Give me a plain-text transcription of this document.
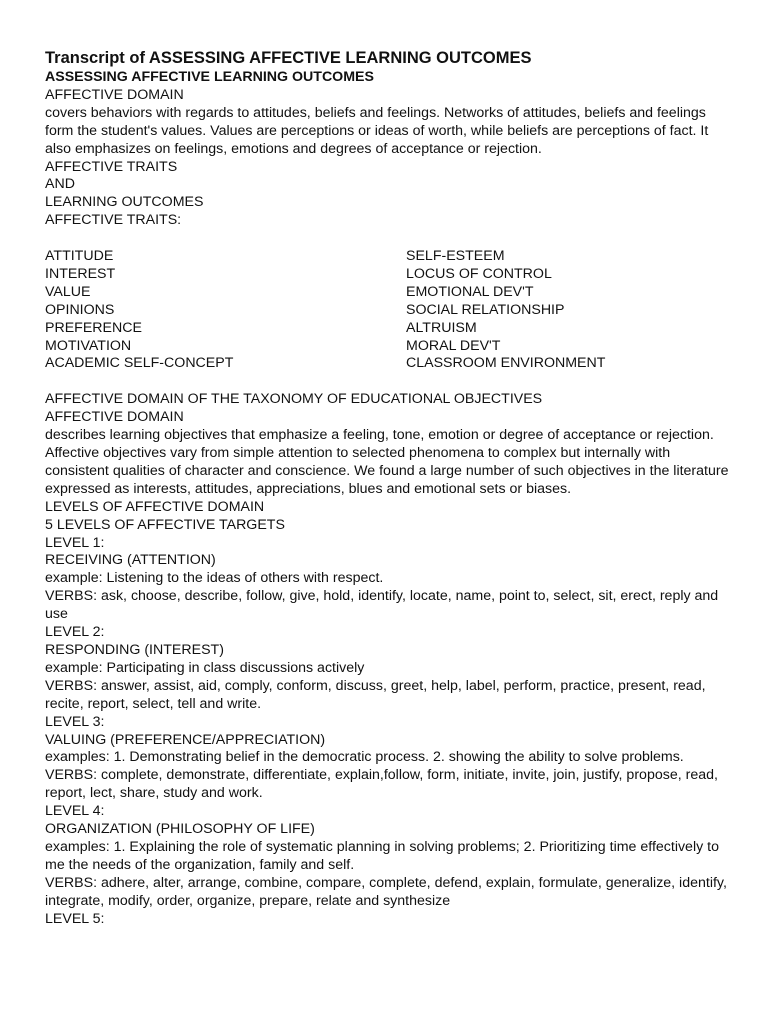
Transcript of ASSESSING AFFECTIVE LEARNING OUTCOMES

ASSESSING AFFECTIVE LEARNING OUTCOMES

AFFECTIVE DOMAIN

covers behaviors with regards to attitudes, beliefs and feelings. Networks of attitudes, beliefs and feelings form the student's values. Values are perceptions or ideas of worth, while beliefs are perceptions of fact. It also emphasizes on feelings, emotions and degrees of acceptance or rejection.

AFFECTIVE TRAITS

AND

LEARNING OUTCOMES

AFFECTIVE TRAITS:

ATTITUDE

INTEREST

VALUE

OPINIONS

PREFERENCE

MOTIVATION

ACADEMIC SELF-CONCEPT

SELF-ESTEEM

LOCUS OF CONTROL

EMOTIONAL DEV'T

SOCIAL RELATIONSHIP

ALTRUISM

MORAL DEV'T

CLASSROOM ENVIRONMENT

AFFECTIVE DOMAIN OF THE TAXONOMY OF EDUCATIONAL OBJECTIVES

AFFECTIVE DOMAIN

describes learning objectives that emphasize a feeling, tone, emotion or degree of acceptance or rejection. Affective objectives vary from simple attention to selected phenomena to complex but internally with consistent qualities of character and conscience. We found a large number of such objectives in the literature expressed as interests, attitudes, appreciations, blues and emotional sets or biases.

LEVELS OF AFFECTIVE DOMAIN

5 LEVELS OF AFFECTIVE TARGETS

LEVEL 1:

RECEIVING (ATTENTION)

example: Listening to the ideas of others with respect.

VERBS: ask, choose, describe, follow, give, hold, identify, locate, name, point to, select, sit, erect, reply and use

LEVEL 2:

RESPONDING (INTEREST)

example: Participating in class discussions actively

VERBS: answer, assist, aid, comply, conform, discuss, greet, help, label, perform, practice, present, read, recite, report, select, tell and write.

LEVEL 3:

VALUING (PREFERENCE/APPRECIATION)

examples: 1. Demonstrating belief in the democratic process. 2. showing the ability to solve problems.

VERBS: complete, demonstrate, differentiate, explain,follow, form, initiate, invite, join, justify, propose, read, report, lect, share, study and work.

LEVEL 4:

ORGANIZATION (PHILOSOPHY OF LIFE)

examples: 1. Explaining the role of systematic planning in solving problems; 2. Prioritizing time effectively to me the needs of the organization, family and self.

VERBS: adhere, alter, arrange, combine, compare, complete, defend, explain, formulate, generalize, identify, integrate, modify, order, organize, prepare, relate and synthesize

LEVEL 5:
